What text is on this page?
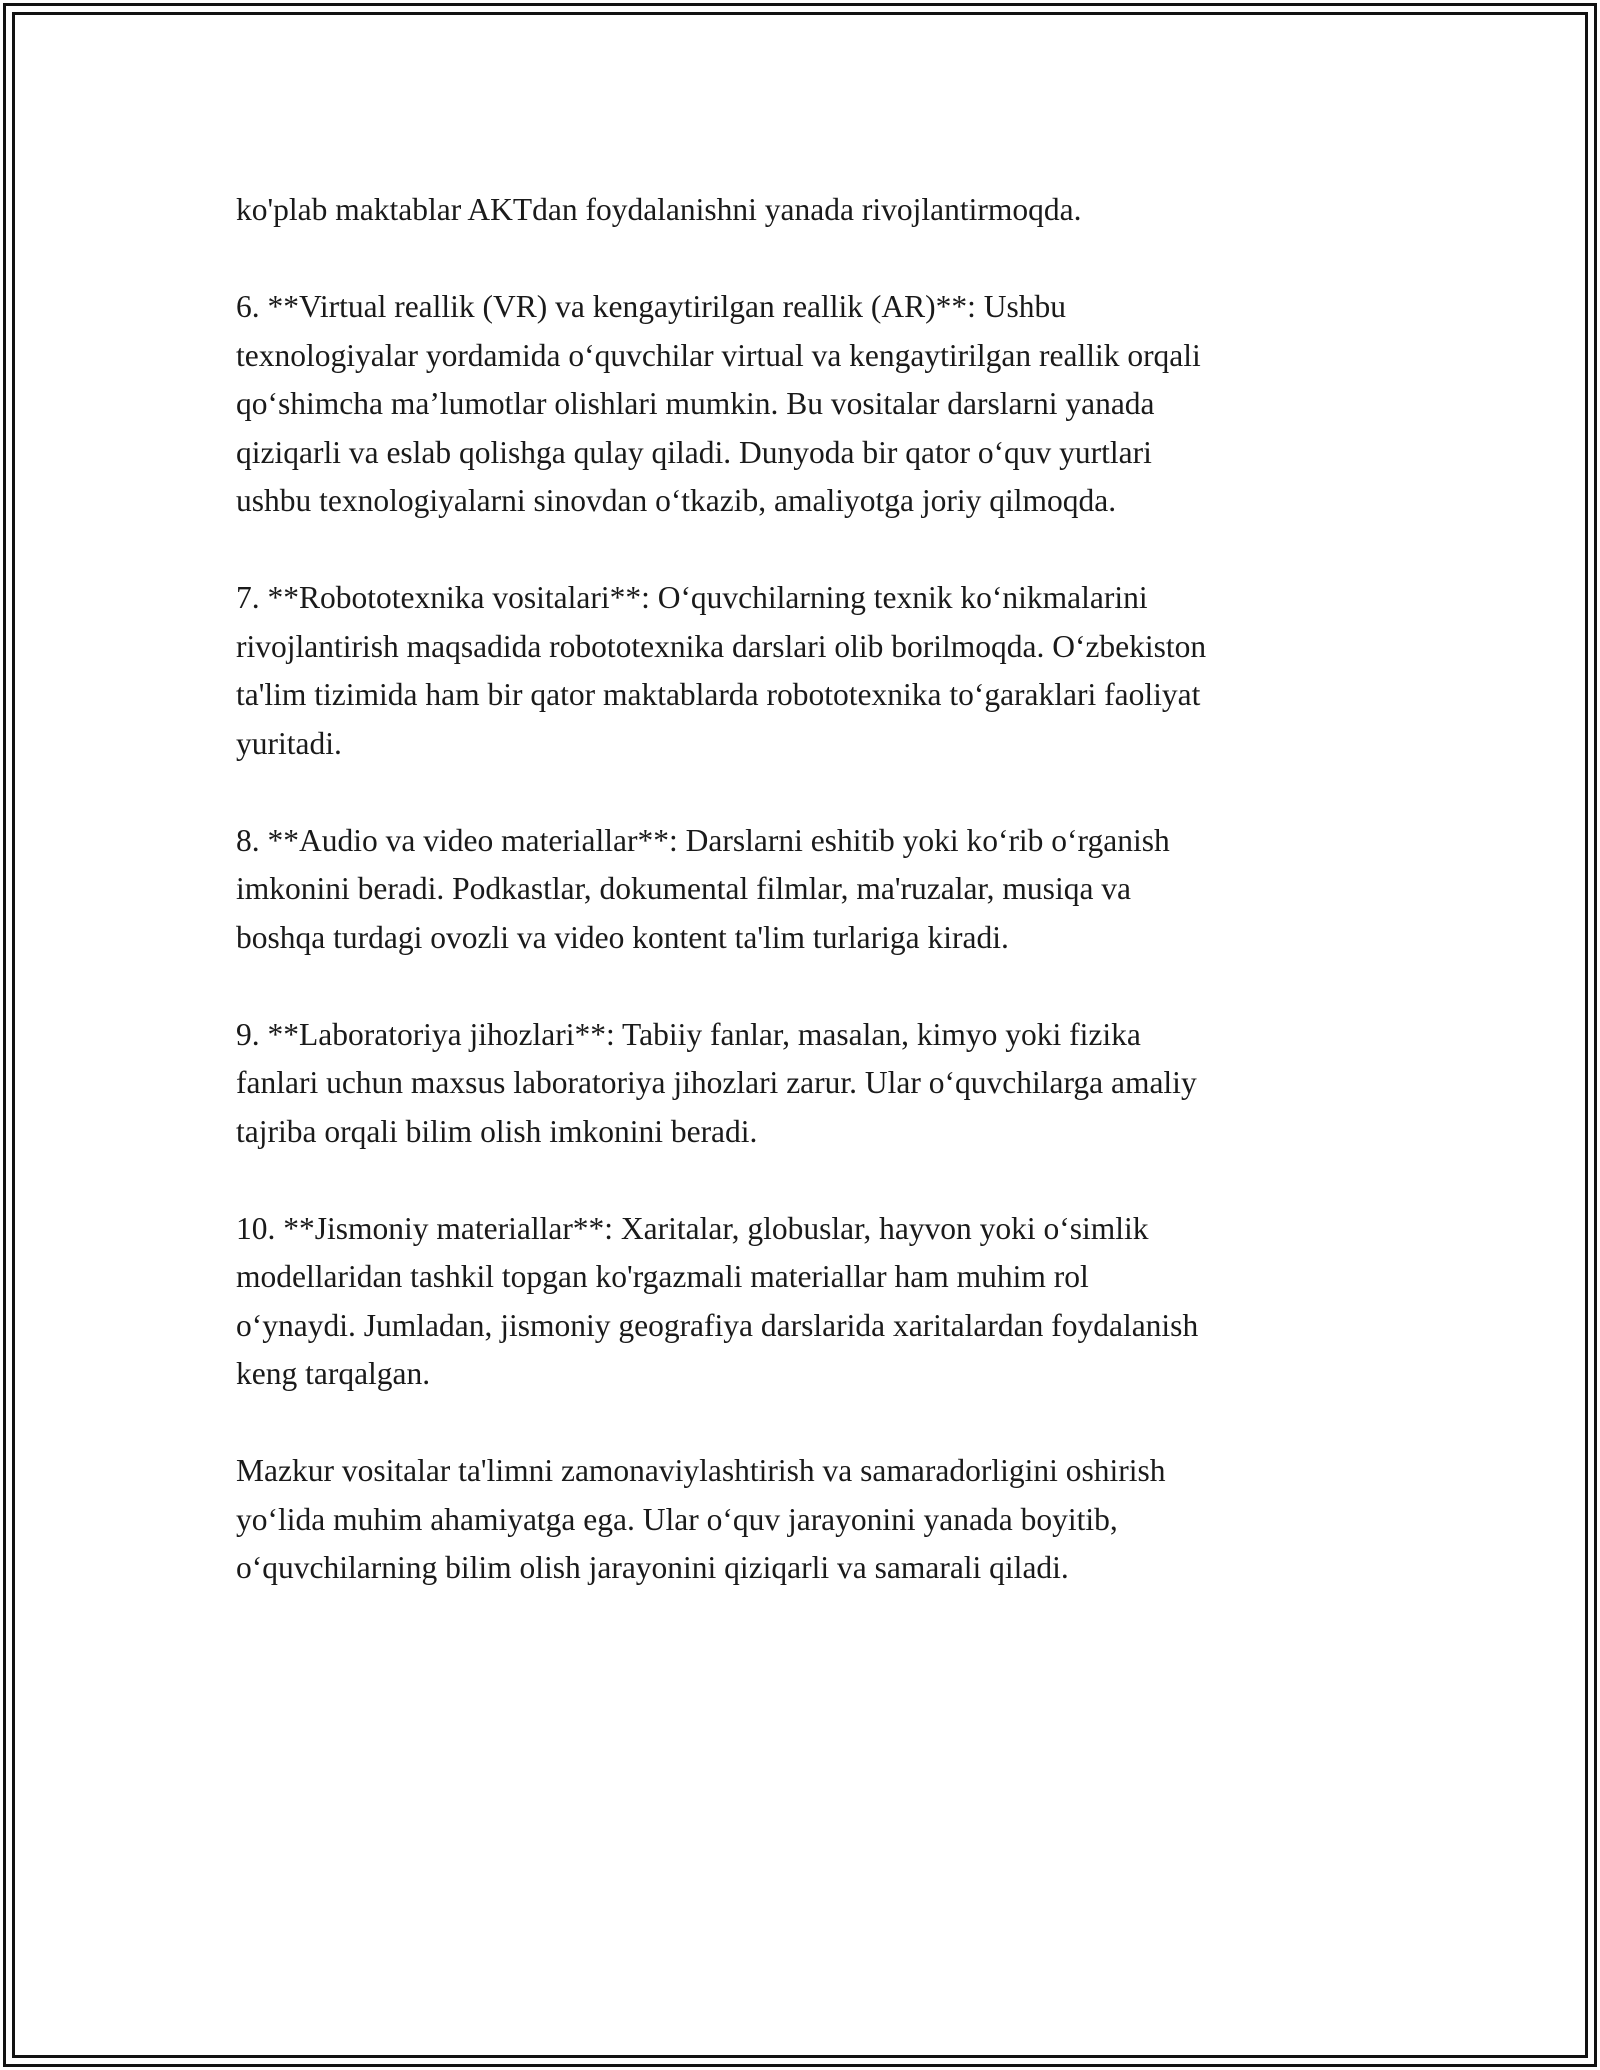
ko'plab maktablar AKTdan foydalanishni yanada rivojlantirmoqda.

6. **Virtual reallik (VR) va kengaytirilgan reallik (AR)**: Ushbu
texnologiyalar yordamida o‘quvchilar virtual va kengaytirilgan reallik orqali
qo‘shimcha ma’lumotlar olishlari mumkin. Bu vositalar darslarni yanada
qiziqarli va eslab qolishga qulay qiladi. Dunyoda bir qator o‘quv yurtlari
ushbu texnologiyalarni sinovdan o‘tkazib, amaliyotga joriy qilmoqda.

7. **Robototexnika vositalari**: O‘quvchilarning texnik ko‘nikmalarini
rivojlantirish maqsadida robototexnika darslari olib borilmoqda. O‘zbekiston
ta'lim tizimida ham bir qator maktablarda robototexnika to‘garaklari faoliyat
yuritadi.

8. **Audio va video materiallar**: Darslarni eshitib yoki ko‘rib o‘rganish
imkonini beradi. Podkastlar, dokumental filmlar, ma'ruzalar, musiqa va
boshqa turdagi ovozli va video kontent ta'lim turlariga kiradi.

9. **Laboratoriya jihozlari**: Tabiiy fanlar, masalan, kimyo yoki fizika
fanlari uchun maxsus laboratoriya jihozlari zarur. Ular o‘quvchilarga amaliy
tajriba orqali bilim olish imkonini beradi.

10. **Jismoniy materiallar**: Xaritalar, globuslar, hayvon yoki o‘simlik
modellaridan tashkil topgan ko'rgazmali materiallar ham muhim rol
o‘ynaydi. Jumladan, jismoniy geografiya darslarida xaritalardan foydalanish
keng tarqalgan.

Mazkur vositalar ta'limni zamonaviylashtirish va samaradorligini oshirish
yo‘lida muhim ahamiyatga ega. Ular o‘quv jarayonini yanada boyitib,
o‘quvchilarning bilim olish jarayonini qiziqarli va samarali qiladi.
